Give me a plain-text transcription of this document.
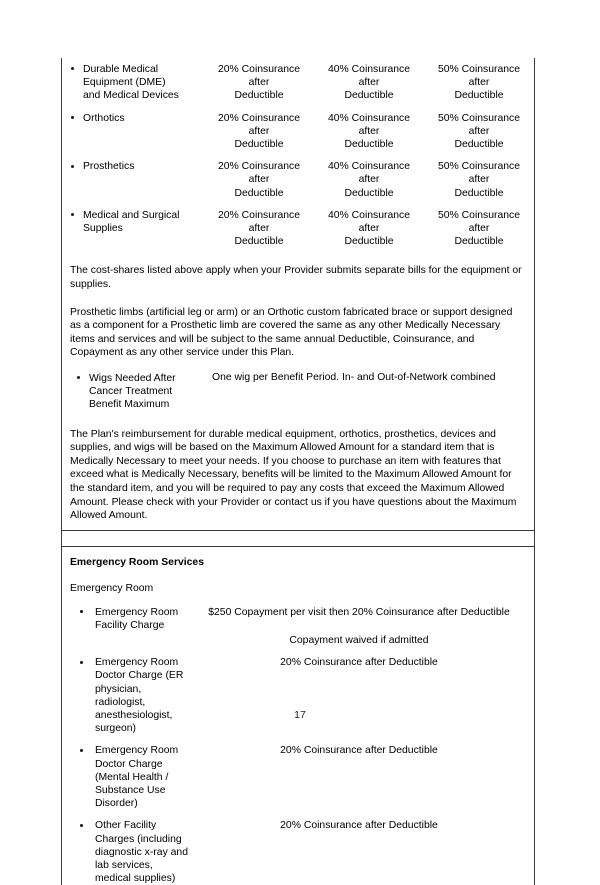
Durable Medical
Equipment (DME)
and Medical Devices
20% Coinsurance after
Deductible
40% Coinsurance after
Deductible
50% Coinsurance after
Deductible
Orthotics	20% Coinsurance after
Deductible
40% Coinsurance after
Deductible
50% Coinsurance after
Deductible
Prosthetics	20% Coinsurance after
Deductible
40% Coinsurance after
Deductible
50% Coinsurance after
Deductible
Medical and Surgical
Supplies
20% Coinsurance after
Deductible
40% Coinsurance after
Deductible
50% Coinsurance after
Deductible
The cost-shares listed above apply when your Provider submits separate bills for the equipment or supplies.
Prosthetic limbs (artificial leg or arm) or an Orthotic custom fabricated brace or support designed as a component for a Prosthetic limb are covered the same as any other Medically Necessary items and services and will be subject to the same annual Deductible, Coinsurance, and Copayment as any other service under this Plan.
Wigs Needed After
Cancer Treatment
Benefit Maximum
One wig per Benefit Period. In- and Out-of-Network combined
The Plan's reimbursement for durable medical equipment, orthotics, prosthetics, devices and supplies, and wigs will be based on the Maximum Allowed Amount for a standard item that is Medically Necessary to meet your needs. If you choose to purchase an item with features that exceed what is Medically Necessary, benefits will be limited to the Maximum Allowed Amount for the standard item, and you will be required to pay any costs that exceed the Maximum Allowed Amount. Please check with your Provider or contact us if you have questions about the Maximum Allowed Amount.
Emergency Room Services
Emergency Room
Emergency Room
Facility Charge
$250 Copayment per visit then 20% Coinsurance after Deductible
Copayment waived if admitted
Emergency Room
Doctor Charge (ER
physician,
radiologist,
anesthesiologist,
surgeon)
20% Coinsurance after Deductible
Emergency Room
Doctor Charge
(Mental Health /
Substance Use
Disorder)
20% Coinsurance after Deductible
Other Facility
Charges (including
diagnostic x-ray and
lab services,
medical supplies)
20% Coinsurance after Deductible
17
